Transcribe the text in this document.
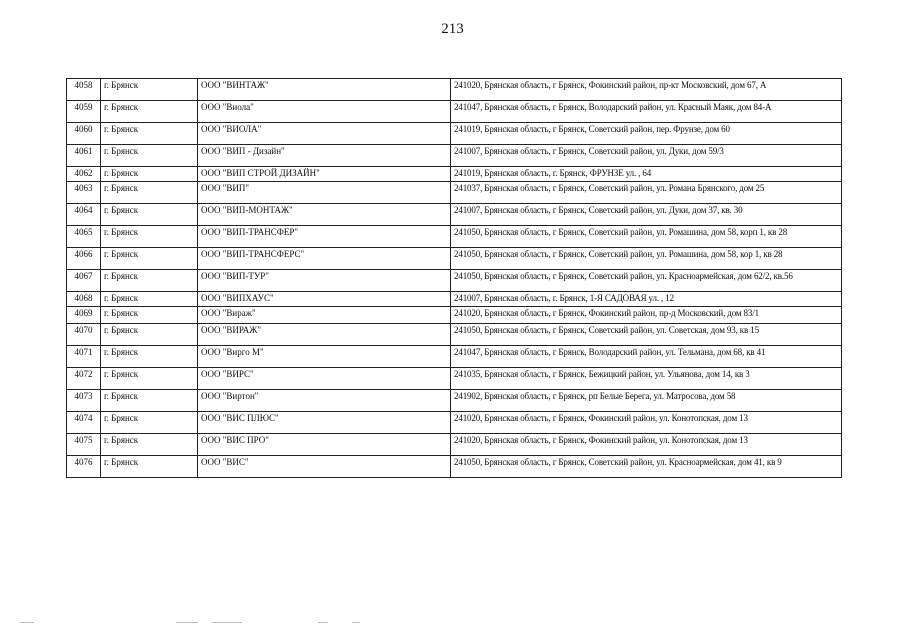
213
4058	г. Брянск	ООО "ВИНТАЖ"	241020, Брянская область, г Брянск, Фокинский район, пр-кт Московский, дом 67, А
4059	г. Брянск	ООО "Виола"	241047, Брянская область, г Брянск, Володарский район, ул. Красный Маяк, дом 84-А
4060	г. Брянск	ООО "ВИОЛА"	241019, Брянская область, г Брянск, Советский район, пер. Фрунзе, дом 60
4061	г. Брянск	ООО "ВИП - Дизайн"	241007, Брянская область, г Брянск, Советский район, ул. Дуки, дом 59/3
4062	г. Брянск	ООО "ВИП СТРОЙ ДИЗАЙН"	241019, Брянская область, г. Брянск, ФРУНЗЕ ул. , 64
4063	г. Брянск	ООО "ВИП"	241037, Брянская область, г Брянск, Советский район, ул. Романа Брянского, дом 25
4064	г. Брянск	ООО "ВИП-МОНТАЖ"	241007, Брянская область, г Брянск, Советский район, ул. Дуки, дом 37, кв. 30
4065	г. Брянск	ООО "ВИП-ТРАНСФЕР"	241050, Брянская область, г Брянск, Советский район, ул. Ромашина, дом 58, корп 1, кв 28
4066	г. Брянск	ООО "ВИП-ТРАНСФЕРС"	241050, Брянская область, г Брянск, Советский район, ул. Ромашина, дом 58, кор 1, кв 28
4067	г. Брянск	ООО "ВИП-ТУР"	241050, Брянская область, г Брянск, Советский район, ул. Красноармейская, дом 62/2, кв.56
4068	г. Брянск	ООО "ВИПХАУС"	241007, Брянская область, г. Брянск, 1-Я САДОВАЯ ул. , 12
4069	г. Брянск	ООО "Вираж"	241020, Брянская область, г Брянск, Фокинский район, пр-д Московский, дом 83/1
4070	г. Брянск	ООО "ВИРАЖ"	241050, Брянская область, г Брянск, Советский район, ул. Советская, дом 93, кв 15
4071	г. Брянск	ООО "Вирго М"	241047, Брянская область, г Брянск, Володарский район, ул. Тельмана, дом 68, кв 41
4072	г. Брянск	ООО "ВИРС"	241035, Брянская область, г Брянск, Бежицкий район, ул. Ульянова, дом 14, кв 3
4073	г. Брянск	ООО "Виртон"	241902, Брянская область, г Брянск, рп Белые Берега, ул. Матросова, дом 58
4074	г. Брянск	ООО "ВИС ПЛЮС"	241020, Брянская область, г Брянск, Фокинский район, ул. Конотопская, дом 13
4075	г. Брянск	ООО "ВИС ПРО"	241020, Брянская область, г Брянск, Фокинский район, ул. Конотопская, дом 13
4076	г. Брянск	ООО "ВИС"	241050, Брянская область, г Брянск, Советский район, ул. Красноармейская, дом 41, кв 9
